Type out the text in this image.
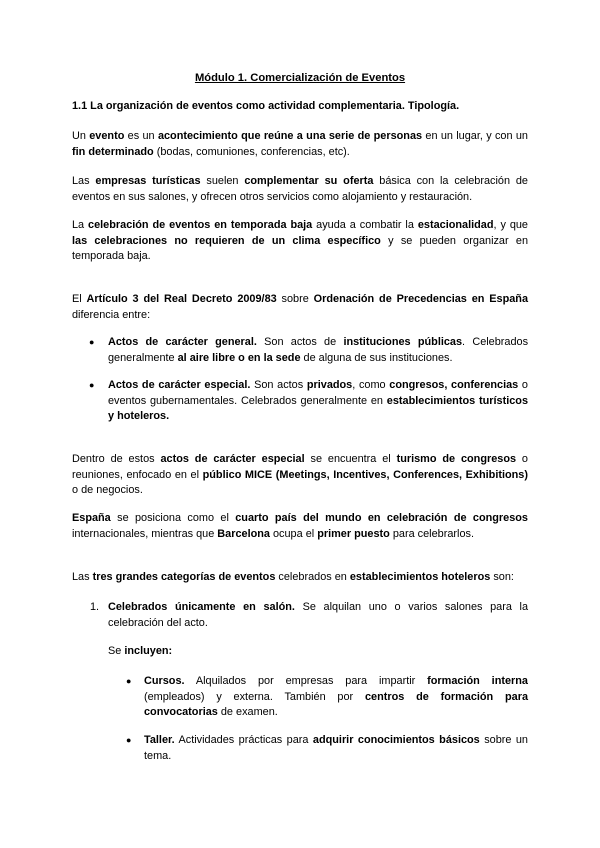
Módulo 1. Comercialización de Eventos

1.1 La organización de eventos como actividad complementaria. Tipología.

Un evento es un acontecimiento que reúne a una serie de personas en un lugar, y con un fin determinado (bodas, comuniones, conferencias, etc).

Las empresas turísticas suelen complementar su oferta básica con la celebración de eventos en sus salones, y ofrecen otros servicios como alojamiento y restauración.

La celebración de eventos en temporada baja ayuda a combatir la estacionalidad, y que las celebraciones no requieren de un clima específico y se pueden organizar en temporada baja.

El Artículo 3 del Real Decreto 2009/83 sobre Ordenación de Precedencias en España diferencia entre:

● Actos de carácter general. Son actos de instituciones públicas. Celebrados generalmente al aire libre o en la sede de alguna de sus instituciones.

● Actos de carácter especial. Son actos privados, como congresos, conferencias o eventos gubernamentales. Celebrados generalmente en establecimientos turísticos y hoteleros.

Dentro de estos actos de carácter especial se encuentra el turismo de congresos o reuniones, enfocado en el público MICE (Meetings, Incentives, Conferences, Exhibitions) o de negocios.

España se posiciona como el cuarto país del mundo en celebración de congresos internacionales, mientras que Barcelona ocupa el primer puesto para celebrarlos.

Las tres grandes categorías de eventos celebrados en establecimientos hoteleros son:

1. Celebrados únicamente en salón. Se alquilan uno o varios salones para la celebración del acto.

Se incluyen:

● Cursos. Alquilados por empresas para impartir formación interna (empleados) y externa. También por centros de formación para convocatorias de examen.

● Taller. Actividades prácticas para adquirir conocimientos básicos sobre un tema.
